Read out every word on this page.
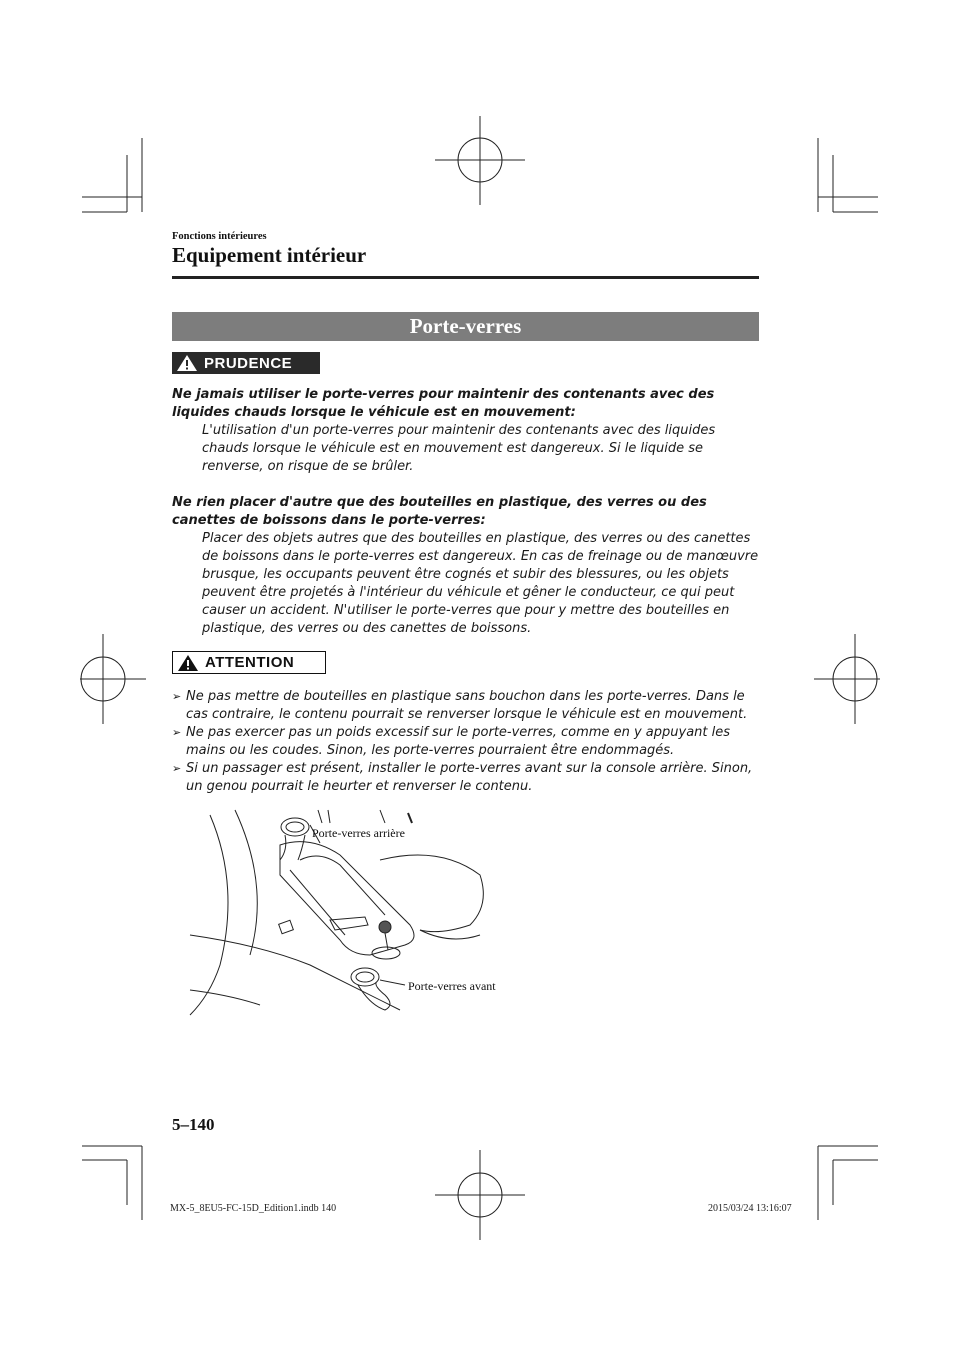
Fonctions intérieures
Equipement intérieur
Porte-verres
PRUDENCE
Ne jamais utiliser le porte-verres pour maintenir des contenants avec des liquides chauds lorsque le véhicule est en mouvement:
L'utilisation d'un porte-verres pour maintenir des contenants avec des liquides chauds lorsque le véhicule est en mouvement est dangereux. Si le liquide se renverse, on risque de se brûler.
Ne rien placer d'autre que des bouteilles en plastique, des verres ou des canettes de boissons dans le porte-verres:
Placer des objets autres que des bouteilles en plastique, des verres ou des canettes de boissons dans le porte-verres est dangereux. En cas de freinage ou de manœuvre brusque, les occupants peuvent être cognés et subir des blessures, ou les objets peuvent être projetés à l'intérieur du véhicule et gêner le conducteur, ce qui peut causer un accident. N'utiliser le porte-verres que pour y mettre des bouteilles en plastique, des verres ou des canettes de boissons.
ATTENTION
➢ Ne pas mettre de bouteilles en plastique sans bouchon dans les porte-verres. Dans le cas contraire, le contenu pourrait se renverser lorsque le véhicule est en mouvement.
➢ Ne pas exercer pas un poids excessif sur le porte-verres, comme en y appuyant les mains ou les coudes. Sinon, les porte-verres pourraient être endommagés.
➢ Si un passager est présent, installer le porte-verres avant sur la console arrière. Sinon, un genou pourrait le heurter et renverser le contenu.
Porte-verres arrière
Porte-verres avant
5–140
MX-5_8EU5-FC-15D_Edition1.indb 140	2015/03/24 13:16:07
